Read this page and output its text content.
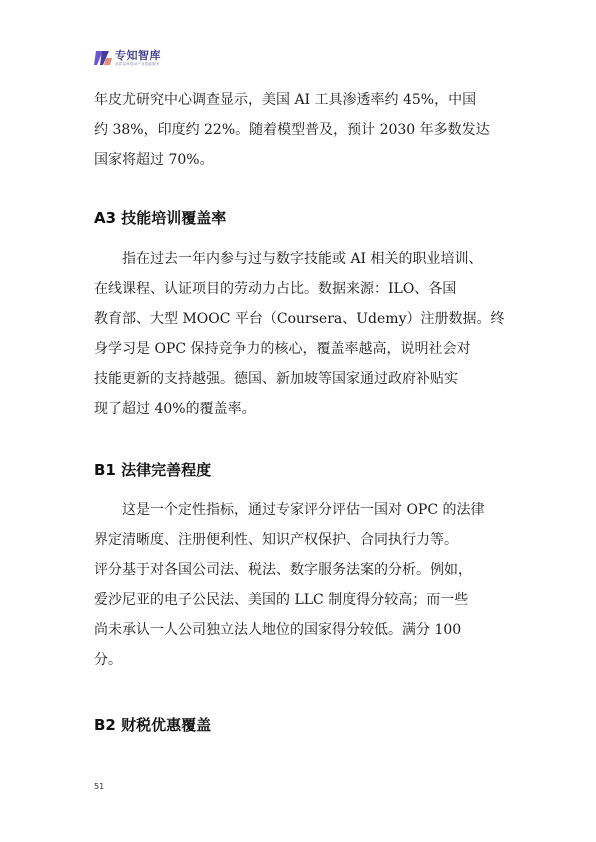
专知智库
高质量科技AI产业智能服务
年皮尤研究中心调查显示，美国 AI 工具渗透率约 45%，中国
约 38%，印度约 22%。随着模型普及，预计 2030 年多数发达
国家将超过 70%。
A3 技能培训覆盖率
指在过去一年内参与过与数字技能或 AI 相关的职业培训、
在线课程、认证项目的劳动力占比。数据来源：ILO、各国
教育部、大型 MOOC 平台（Coursera、Udemy）注册数据。终
身学习是 OPC 保持竞争力的核心，覆盖率越高，说明社会对
技能更新的支持越强。德国、新加坡等国家通过政府补贴实
现了超过 40%的覆盖率。
B1 法律完善程度
这是一个定性指标，通过专家评分评估一国对 OPC 的法律
界定清晰度、注册便利性、知识产权保护、合同执行力等。
评分基于对各国公司法、税法、数字服务法案的分析。例如，
爱沙尼亚的电子公民法、美国的 LLC 制度得分较高；而一些
尚未承认一人公司独立法人地位的国家得分较低。满分 100
分。
B2 财税优惠覆盖
51
